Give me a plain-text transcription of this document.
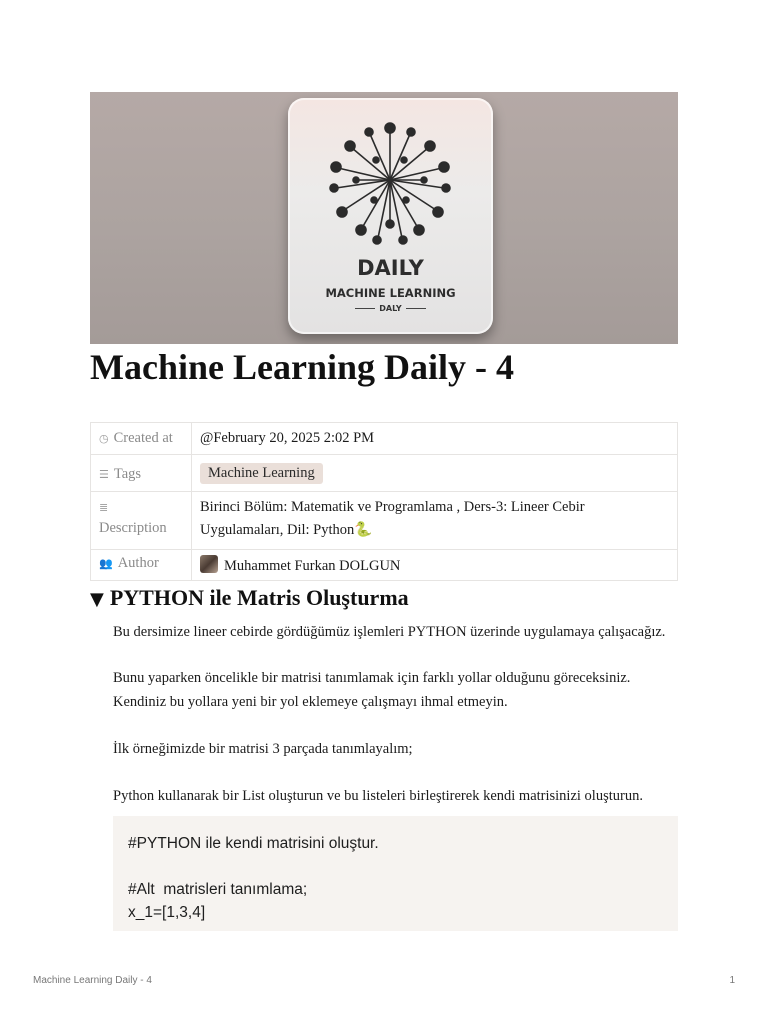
DAILY
MACHINE LEARNING
DALY
Machine Learning Daily - 4
◷ Created at	@February 20, 2025 2:02 PM
☰ Tags	Machine Learning

≣
Description	Birinci Bölüm: Matematik ve Programlama , Ders-3: Lineer Cebir Uygulamaları, Dil: Python🐍
👥 Author	Muhammet Furkan DOLGUN
▼ PYTHON ile Matris Oluşturma

Bu dersimize lineer cebirde gördüğümüz işlemleri PYTHON üzerinde uygulamaya çalışacağız.

Bunu yaparken öncelikle bir matrisi tanımlamak için farklı yollar olduğunu göreceksiniz.

Kendiniz bu yollara yeni bir yol eklemeye çalışmayı ihmal etmeyin.

İlk örneğimizde bir matrisi 3 parçada tanımlayalım;

Python kullanarak bir List oluşturun ve bu listeleri birleştirerek kendi matrisinizi oluşturun.

#PYTHON ile kendi matrisini oluştur.
#Alt  matrisleri tanımlama;
x_1=[1,3,4]
Machine Learning Daily - 4	1
